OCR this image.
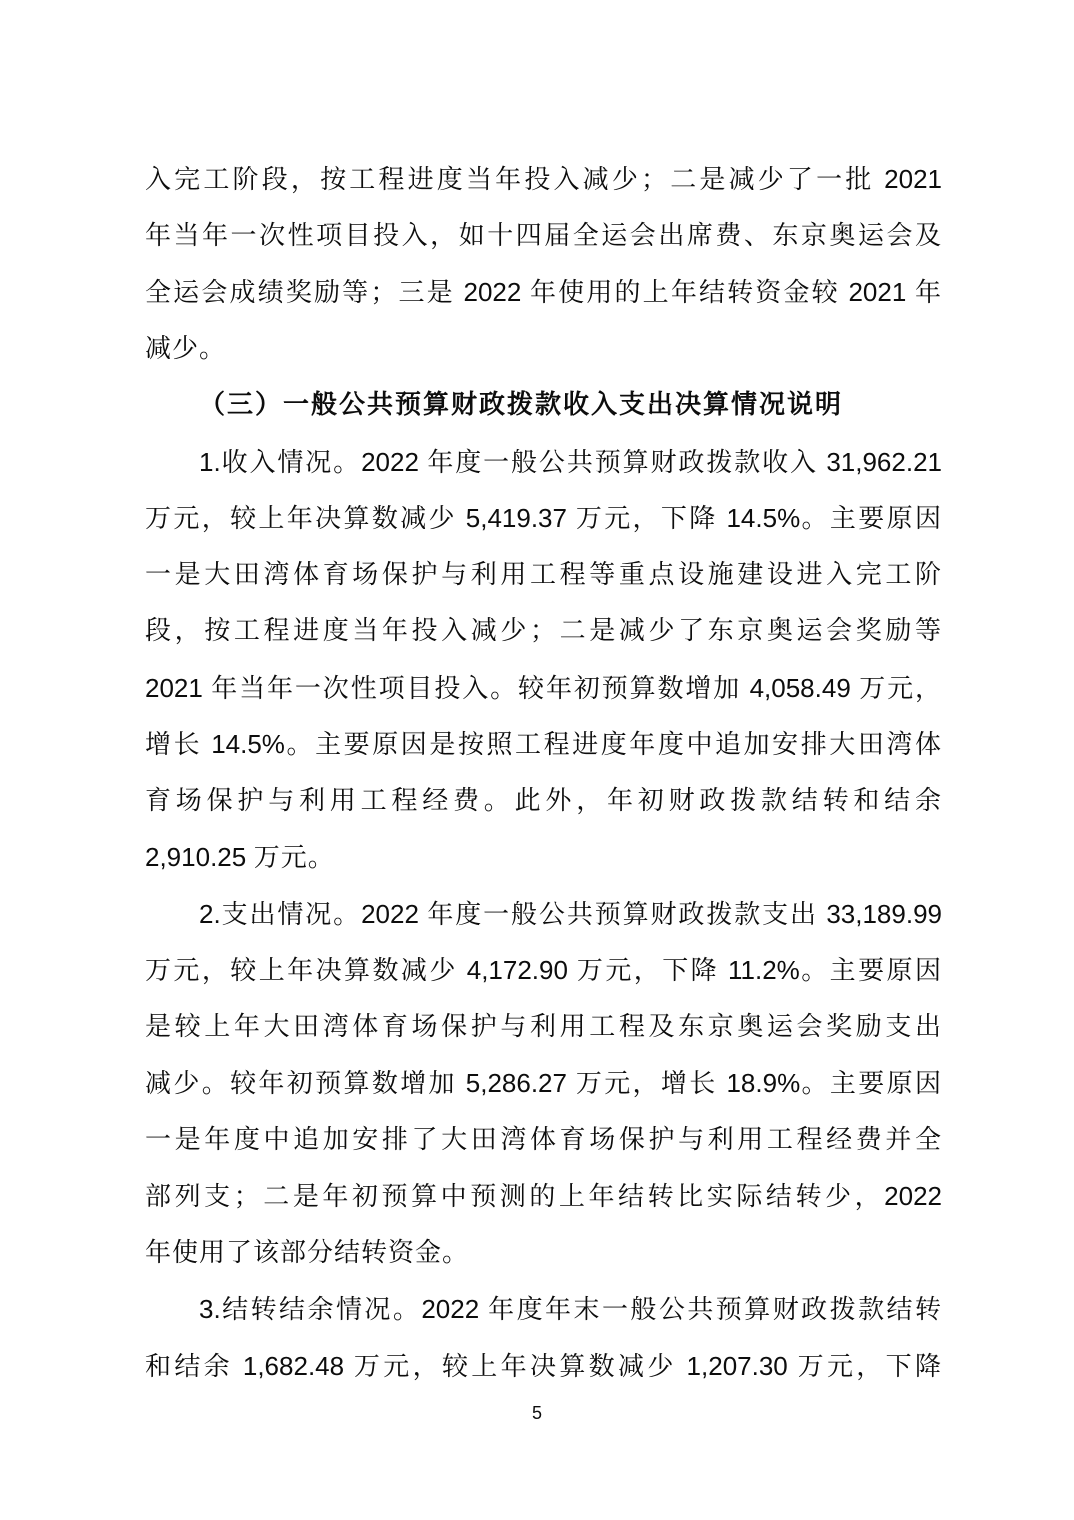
入完工阶段，按工程进度当年投入减少；二是减少了一批 2021
年当年一次性项目投入，如十四届全运会出席费、东京奥运会及
全运会成绩奖励等；三是 2022 年使用的上年结转资金较 2021 年
减少。
（三）一般公共预算财政拨款收入支出决算情况说明
1.收入情况。2022 年度一般公共预算财政拨款收入 31,962.21
万元，较上年决算数减少 5,419.37 万元，下降 14.5%。主要原因
一是大田湾体育场保护与利用工程等重点设施建设进入完工阶
段，按工程进度当年投入减少；二是减少了东京奥运会奖励等
2021 年当年一次性项目投入。较年初预算数增加 4,058.49 万元，
增长 14.5%。主要原因是按照工程进度年度中追加安排大田湾体
育场保护与利用工程经费。此外，年初财政拨款结转和结余
2,910.25 万元。
2.支出情况。2022 年度一般公共预算财政拨款支出 33,189.99
万元，较上年决算数减少 4,172.90 万元，下降 11.2%。主要原因
是较上年大田湾体育场保护与利用工程及东京奥运会奖励支出
减少。较年初预算数增加 5,286.27 万元，增长 18.9%。主要原因
一是年度中追加安排了大田湾体育场保护与利用工程经费并全
部列支；二是年初预算中预测的上年结转比实际结转少，2022
年使用了该部分结转资金。
3.结转结余情况。2022 年度年末一般公共预算财政拨款结转
和结余 1,682.48 万元，较上年决算数减少 1,207.30 万元，下降
5
